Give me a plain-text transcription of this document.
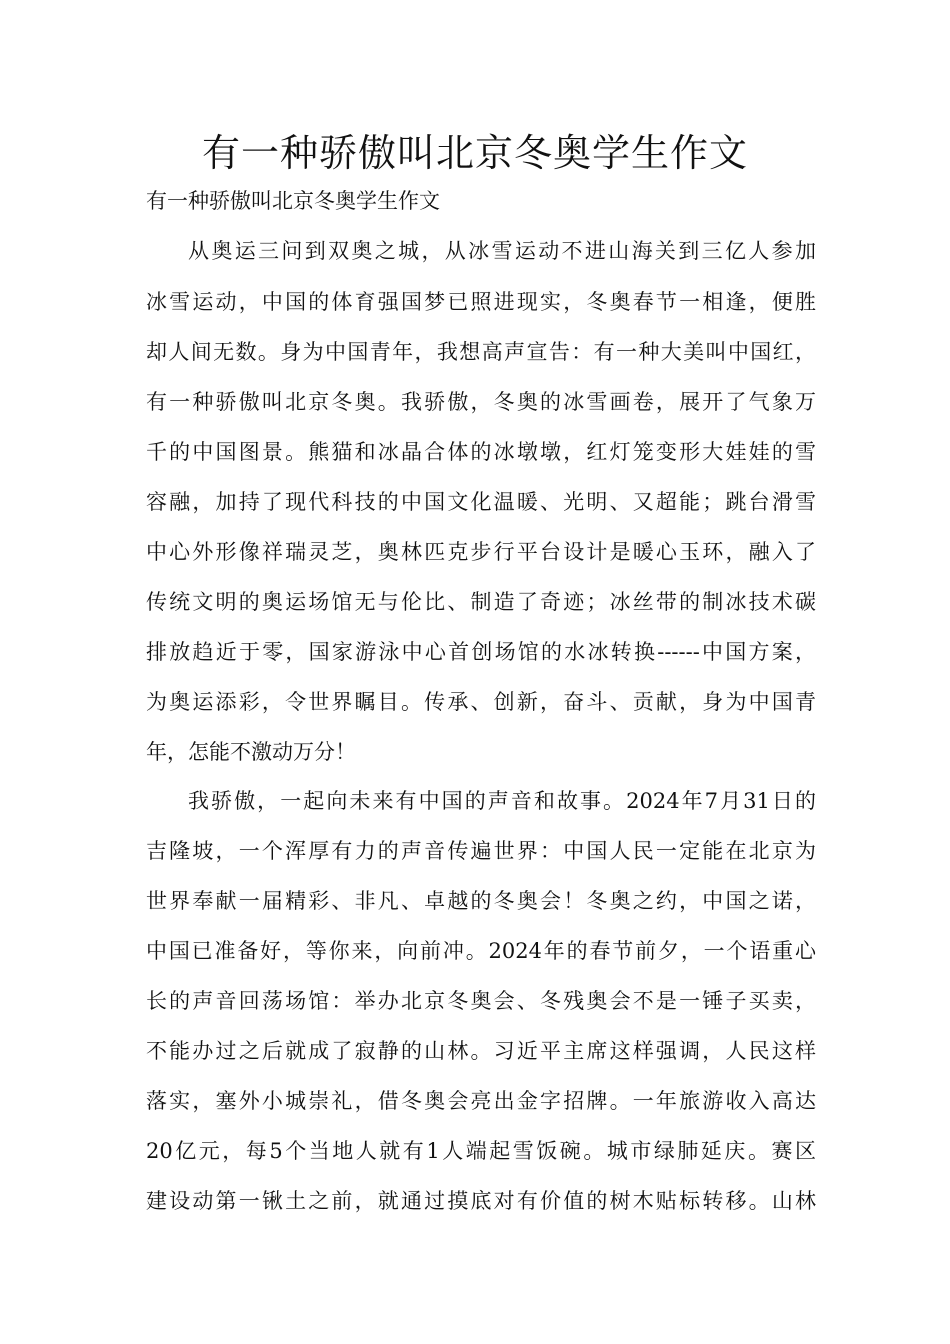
有一种骄傲叫北京冬奥学生作文

有一种骄傲叫北京冬奥学生作文

从奥运三问到双奥之城，从冰雪运动不进山海关到三亿人参加

冰雪运动，中国的体育强国梦已照进现实，冬奥春节一相逢，便胜

却人间无数。身为中国青年，我想高声宣告：有一种大美叫中国红，

有一种骄傲叫北京冬奥。我骄傲，冬奥的冰雪画卷，展开了气象万

千的中国图景。熊猫和冰晶合体的冰墩墩，红灯笼变形大娃娃的雪

容融，加持了现代科技的中国文化温暖、光明、又超能；跳台滑雪

中心外形像祥瑞灵芝，奥林匹克步行平台设计是暖心玉环，融入了

传统文明的奥运场馆无与伦比、制造了奇迹；冰丝带的制冰技术碳

排放趋近于零，国家游泳中心首创场馆的水冰转换------中国方案，

为奥运添彩，令世界瞩目。传承、创新，奋斗、贡献，身为中国青

年，怎能不激动万分！

我骄傲，一起向未来有中国的声音和故事。2024年7月31日的

吉隆坡，一个浑厚有力的声音传遍世界：中国人民一定能在北京为

世界奉献一届精彩、非凡、卓越的冬奥会！冬奥之约，中国之诺，

中国已准备好，等你来，向前冲。2024年的春节前夕，一个语重心

长的声音回荡场馆：举办北京冬奥会、冬残奥会不是一锤子买卖，

不能办过之后就成了寂静的山林。习近平主席这样强调，人民这样

落实，塞外小城崇礼，借冬奥会亮出金字招牌。一年旅游收入高达

20亿元，每5个当地人就有1人端起雪饭碗。城市绿肺延庆。赛区

建设动第一锹土之前，就通过摸底对有价值的树木贴标转移。山林
